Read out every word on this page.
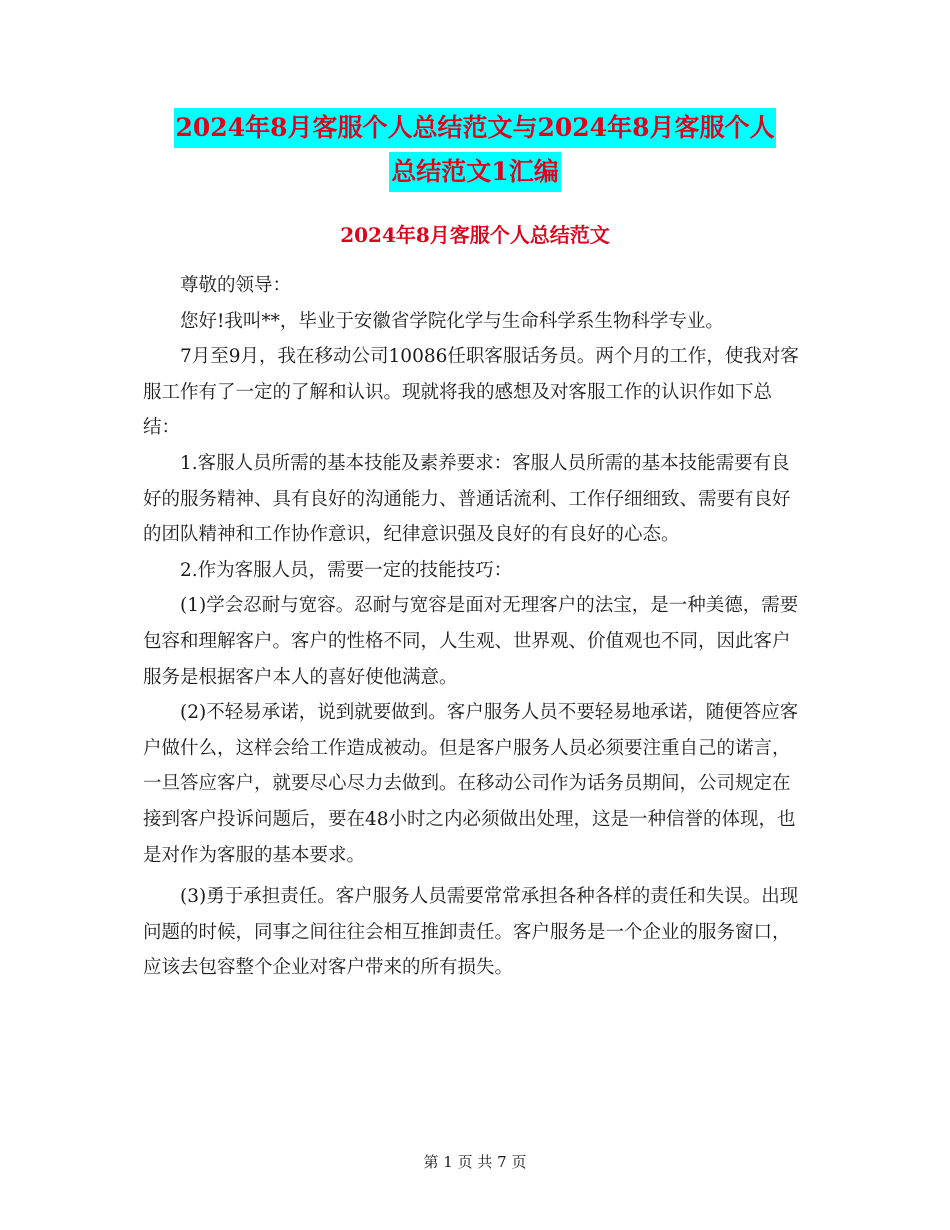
2024年8月客服个人总结范文与2024年8月客服个人
总结范文1汇编
2024年8月客服个人总结范文

尊敬的领导：

您好!我叫**，毕业于安徽省学院化学与生命科学系生物科学专业。

7月至9月，我在移动公司10086任职客服话务员。两个月的工作，使我对客服工作有了一定的了解和认识。现就将我的感想及对客服工作的认识作如下总结：

1.客服人员所需的基本技能及素养要求：客服人员所需的基本技能需要有良好的服务精神、具有良好的沟通能力、普通话流利、工作仔细细致、需要有良好的团队精神和工作协作意识，纪律意识强及良好的有良好的心态。

2.作为客服人员，需要一定的技能技巧：

(1)学会忍耐与宽容。忍耐与宽容是面对无理客户的法宝，是一种美德，需要包容和理解客户。客户的性格不同，人生观、世界观、价值观也不同，因此客户服务是根据客户本人的喜好使他满意。

(2)不轻易承诺，说到就要做到。客户服务人员不要轻易地承诺，随便答应客户做什么，这样会给工作造成被动。但是客户服务人员必须要注重自己的诺言，一旦答应客户，就要尽心尽力去做到。在移动公司作为话务员期间，公司规定在接到客户投诉问题后，要在48小时之内必须做出处理，这是一种信誉的体现，也是对作为客服的基本要求。

(3)勇于承担责任。客户服务人员需要常常承担各种各样的责任和失误。出现问题的时候，同事之间往往会相互推卸责任。客户服务是一个企业的服务窗口，应该去包容整个企业对客户带来的所有损失。

第 1 页 共 7 页
